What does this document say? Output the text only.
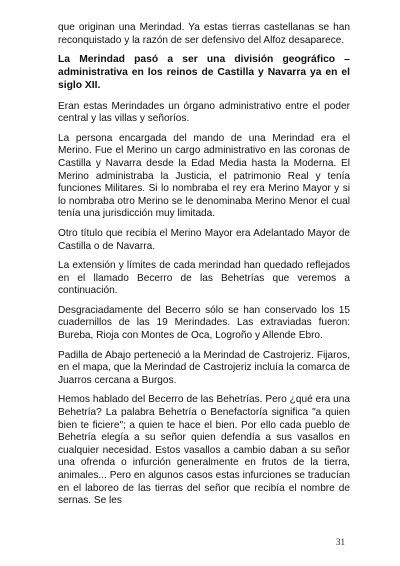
que originan una Merindad. Ya estas tierras castellanas se han reconquistado y la razón de ser defensivo del Alfoz desaparece.

La Merindad pasó a ser una división geográfico – administrativa en los reinos de Castilla y Navarra ya en el siglo XII.

Eran estas Merindades un órgano administrativo entre el poder central y las villas y señoríos.

La persona encargada del mando de una Merindad era el Merino. Fue el Merino un cargo administrativo en las coronas de Castilla y Navarra desde la Edad Media hasta la Moderna. El Merino administraba la Justicia, el patrimonio Real y tenía funciones Militares. Si lo nombraba el rey era Merino Mayor y si lo nombraba otro Merino se le denominaba Merino Menor el cual tenía una jurisdicción muy limitada.

Otro título que recibía el Merino Mayor era Adelantado Mayor de Castilla o de Navarra.

La extensión y límites de cada merindad han quedado reflejados en el llamado Becerro de las Behetrías que veremos a continuación.

Desgraciadamente del Becerro sólo se han conservado los 15 cuadernillos de las 19 Merindades. Las extraviadas fueron: Bureba, Rioja con Montes de Oca, Logroño y Allende Ebro.

Padilla de Abajo perteneció a la Merindad de Castrojeriz. Fijaros, en el mapa, que la Merindad de Castrojeriz incluía la comarca de Juarros cercana a Burgos.

Hemos hablado del Becerro de las Behetrías. Pero ¿qué era una Behetría? La palabra Behetría o Benefactoría significa "a quien bien te ficiere"; a quien te hace el bien. Por ello cada pueblo de Behetría elegía a su señor quien defendía a sus vasallos en cualquier necesidad. Estos vasallos a cambio daban a su señor una ofrenda o infurción generalmente en frutos de la tierra, animales... Pero en algunos casos estas infurciones se traducían en el laboreo de las tierras del señor que recibía el nombre de sernas. Se les

31
